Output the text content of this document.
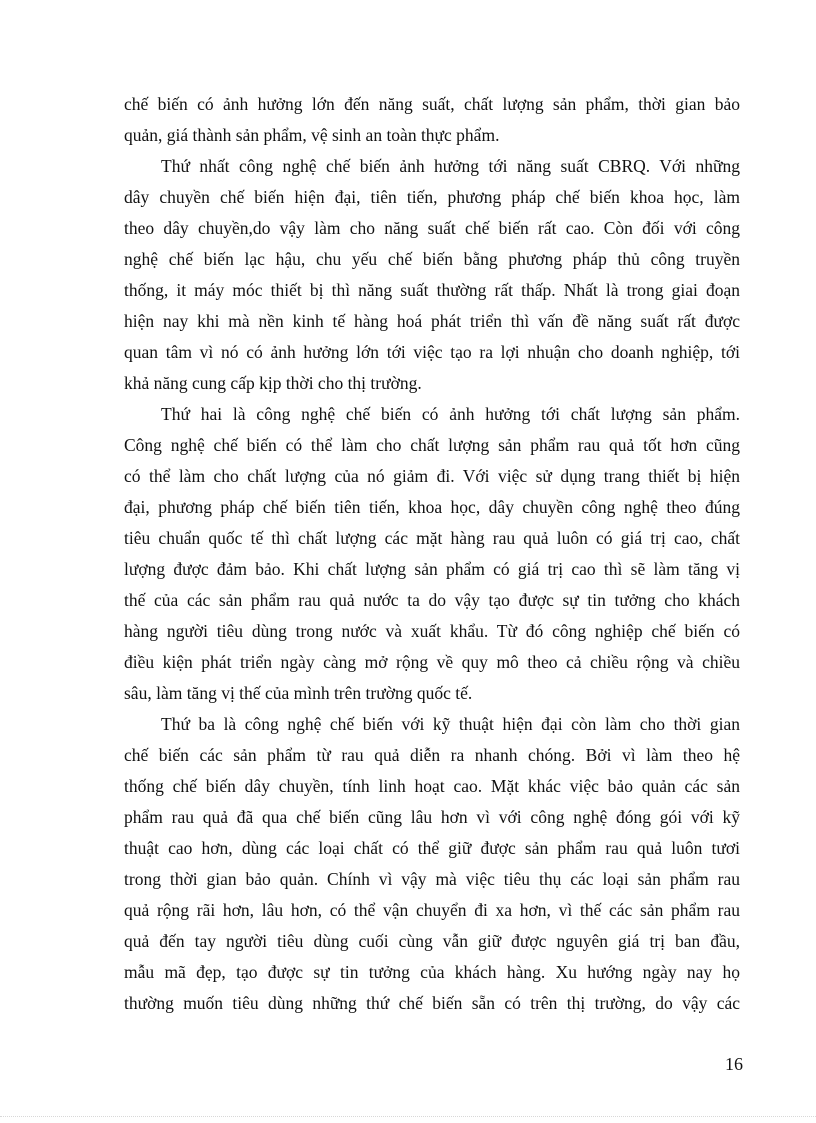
chế biến có ảnh hưởng lớn đến năng suất, chất lượng sản phẩm, thời gian bảo
quản, giá thành sản phẩm, vệ sinh an toàn thực phẩm.
Thứ nhất công nghệ chế biến ảnh hưởng tới năng suất CBRQ. Với những
dây chuyền chế biến hiện đại, tiên tiến, phương pháp chế biến khoa học, làm
theo dây chuyền,do vậy làm cho năng suất chế biến rất cao. Còn đối với công
nghệ chế biến lạc hậu, chu yếu chế biến bằng phương pháp thủ công truyền
thống, it máy móc thiết bị thì năng suất thường rất thấp. Nhất là trong giai đoạn
hiện nay khi mà nền kinh tế hàng hoá phát triển thì vấn đề năng suất rất được
quan tâm vì nó có ảnh hưởng lớn tới việc tạo ra lợi nhuận cho doanh nghiệp, tới
khả năng cung cấp kịp thời cho thị trường.
Thứ hai là công nghệ chế biến có ảnh hưởng tới chất lượng sản phẩm.
Công nghệ chế biến có thể làm cho chất lượng sản phẩm rau quả tốt hơn cũng
có thể làm cho chất lượng của nó giảm đi. Với việc sử dụng trang thiết bị hiện
đại, phương pháp chế biến tiên tiến, khoa học, dây chuyền công nghệ theo đúng
tiêu chuẩn quốc tế thì chất lượng các mặt hàng rau quả luôn có giá trị cao, chất
lượng được đảm bảo. Khi chất lượng sản phẩm có giá trị cao thì sẽ làm tăng vị
thế của các sản phẩm rau quả nước ta do vậy tạo được sự tin tưởng cho khách
hàng người tiêu dùng trong nước và xuất khẩu. Từ đó công nghiệp chế biến có
điều kiện phát triển ngày càng mở rộng về quy mô theo cả chiều rộng và chiều
sâu, làm tăng vị thế của mình trên trường quốc tế.
Thứ ba là công nghệ chế biến với kỹ thuật hiện đại còn làm cho thời gian
chế biến các sản phẩm từ rau quả diễn ra nhanh chóng. Bởi vì làm theo hệ
thống chế biến dây chuyền, tính linh hoạt cao. Mặt khác việc bảo quản các sản
phẩm rau quả đã qua chế biến cũng lâu hơn vì với công nghệ đóng gói với kỹ
thuật cao hơn, dùng các loại chất có thể giữ được sản phẩm rau quả luôn tươi
trong thời gian bảo quản. Chính vì vậy mà việc tiêu thụ các loại sản phẩm rau
quả rộng rãi hơn, lâu hơn, có thể vận chuyển đi xa hơn, vì thế các sản phẩm rau
quả đến tay người tiêu dùng cuối cùng vẫn giữ được nguyên giá trị ban đầu,
mẫu mã đẹp, tạo được sự tin tưởng của khách hàng. Xu hướng ngày nay họ
thường muốn tiêu dùng những thứ chế biến sẵn có trên thị trường, do vậy các
16
